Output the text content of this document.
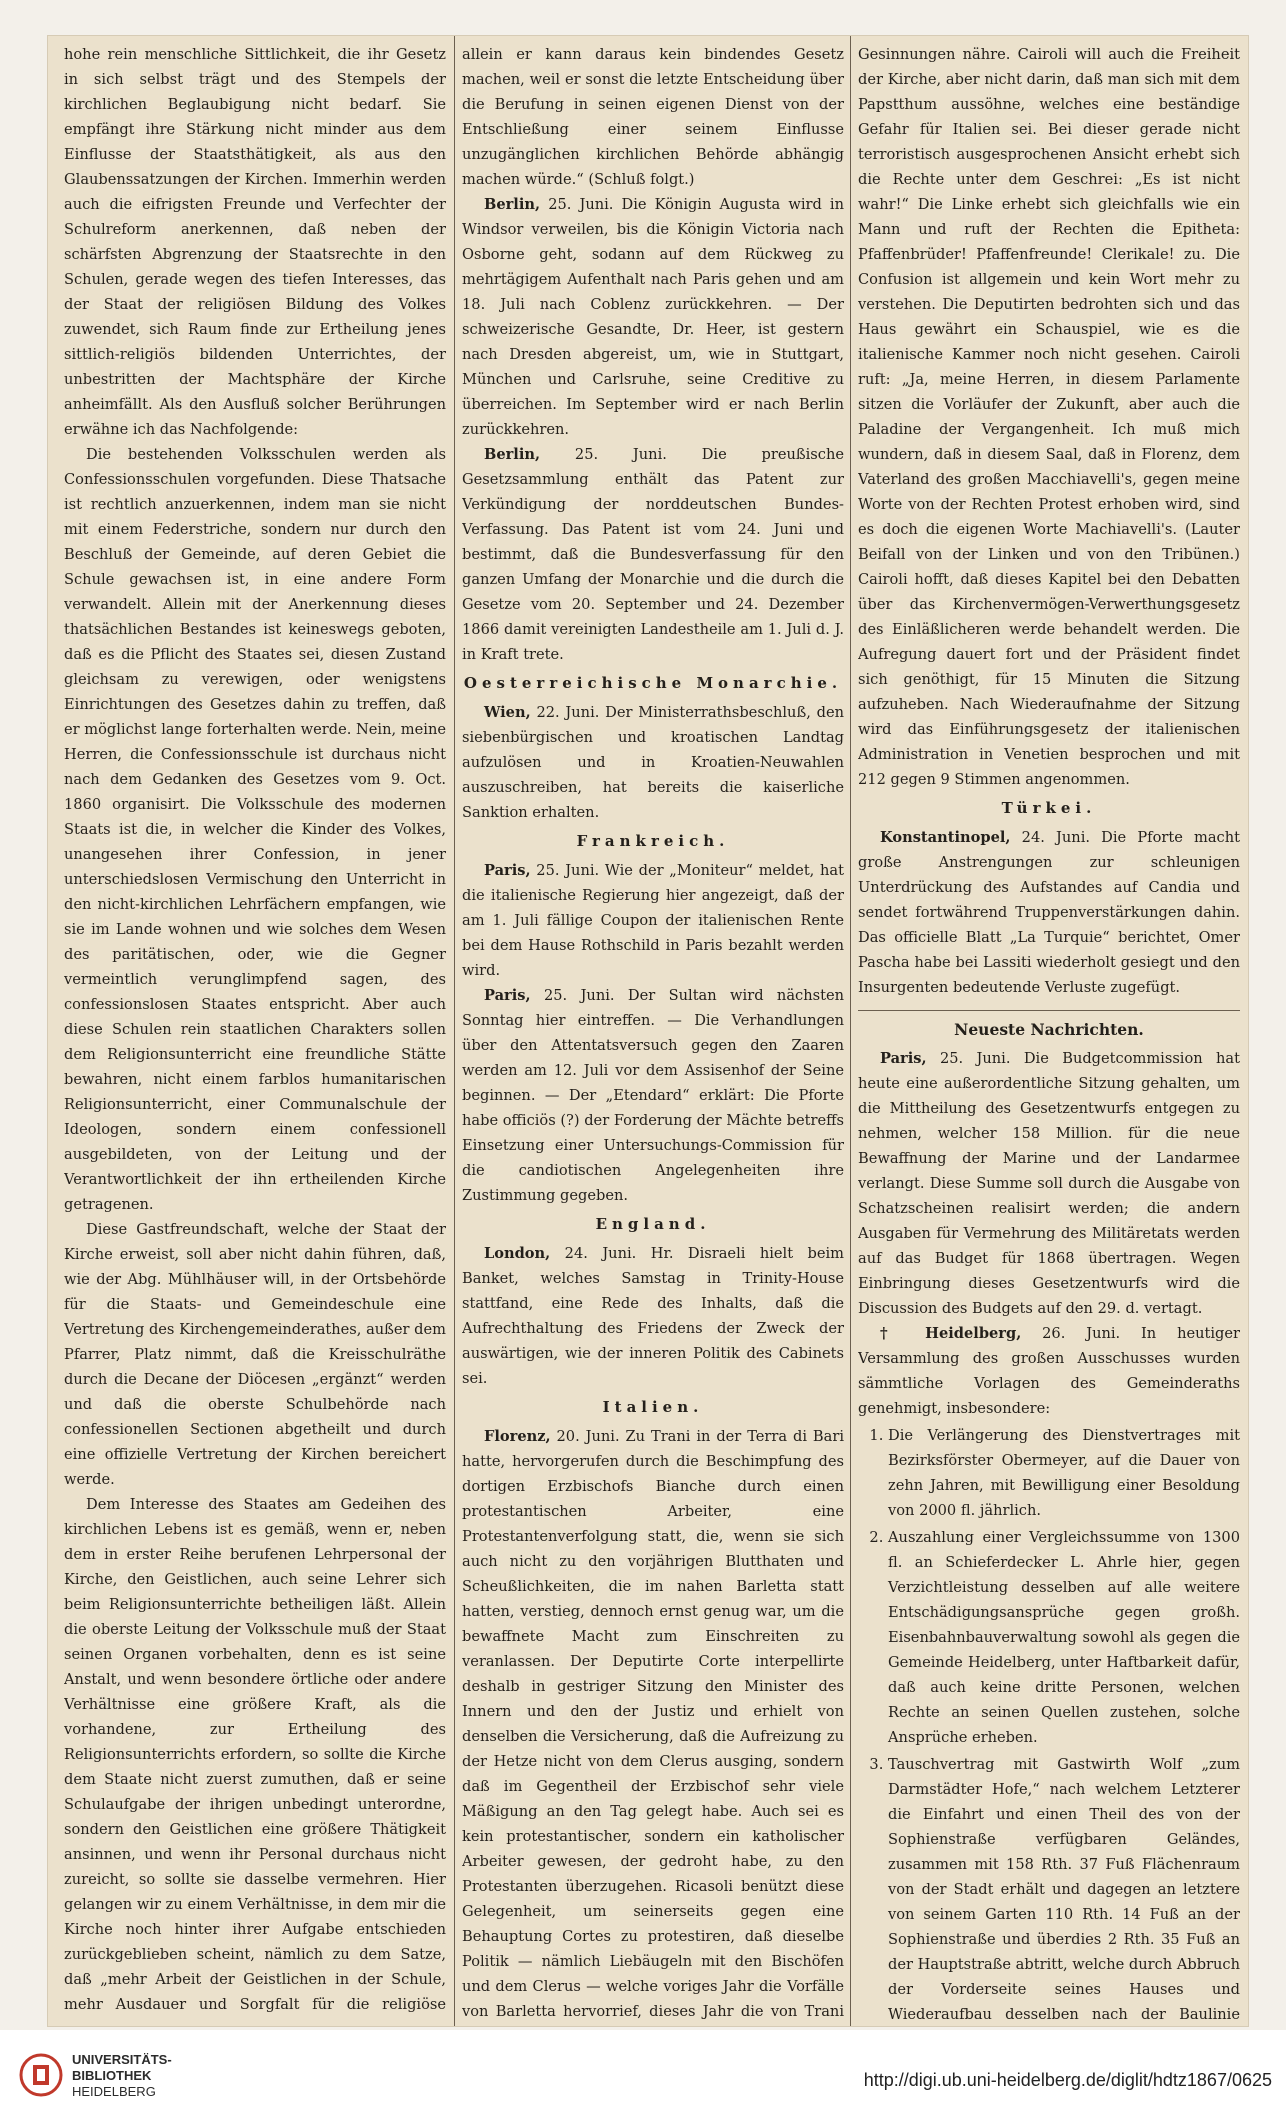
hohe rein menschliche Sittlichkeit, die ihr Gesetz in sich selbst trägt und des Stempels der kirchlichen Beglaubigung nicht bedarf. Sie empfängt ihre Stärkung nicht minder aus dem Einflusse der Staatsthätigkeit, als aus den Glaubenssatzungen der Kirchen. Immerhin werden auch die eifrigsten Freunde und Verfechter der Schulreform anerkennen, daß neben der schärfsten Abgrenzung der Staatsrechte in den Schulen, gerade wegen des tiefen Interesses, das der Staat der religiösen Bildung des Volkes zuwendet, sich Raum finde zur Ertheilung jenes sittlich-religiös bildenden Unterrichtes, der unbestritten der Machtsphäre der Kirche anheimfällt. Als den Ausfluß solcher Berührungen erwähne ich das Nachfolgende:

Die bestehenden Volksschulen werden als Confessionsschulen vorgefunden. Diese Thatsache ist rechtlich anzuerkennen, indem man sie nicht mit einem Federstriche, sondern nur durch den Beschluß der Gemeinde, auf deren Gebiet die Schule gewachsen ist, in eine andere Form verwandelt. Allein mit der Anerkennung dieses thatsächlichen Bestandes ist keineswegs geboten, daß es die Pflicht des Staates sei, diesen Zustand gleichsam zu verewigen, oder wenigstens Einrichtungen des Gesetzes dahin zu treffen, daß er möglichst lange forterhalten werde. Nein, meine Herren, die Confessionsschule ist durchaus nicht nach dem Gedanken des Gesetzes vom 9. Oct. 1860 organisirt. Die Volksschule des modernen Staats ist die, in welcher die Kinder des Volkes, unangesehen ihrer Confession, in jener unterschiedslosen Vermischung den Unterricht in den nicht-kirchlichen Lehrfächern empfangen, wie sie im Lande wohnen und wie solches dem Wesen des paritätischen, oder, wie die Gegner vermeintlich verunglimpfend sagen, des confessionslosen Staates entspricht. Aber auch diese Schulen rein staatlichen Charakters sollen dem Religionsunterricht eine freundliche Stätte bewahren, nicht einem farblos humanitarischen Religionsunterricht, einer Communalschule der Ideologen, sondern einem confessionell ausgebildeten, von der Leitung und der Verantwortlichkeit der ihn ertheilenden Kirche getragenen.

Diese Gastfreundschaft, welche der Staat der Kirche erweist, soll aber nicht dahin führen, daß, wie der Abg. Mühlhäuser will, in der Ortsbehörde für die Staats- und Gemeindeschule eine Vertretung des Kirchengemeinderathes, außer dem Pfarrer, Platz nimmt, daß die Kreisschulräthe durch die Decane der Diöcesen „ergänzt“ werden und daß die oberste Schulbehörde nach confessionellen Sectionen abgetheilt und durch eine offizielle Vertretung der Kirchen bereichert werde.

Dem Interesse des Staates am Gedeihen des kirchlichen Lebens ist es gemäß, wenn er, neben dem in erster Reihe berufenen Lehrpersonal der Kirche, den Geistlichen, auch seine Lehrer sich beim Religionsunterrichte betheiligen läßt. Allein die oberste Leitung der Volksschule muß der Staat seinen Organen vorbehalten, denn es ist seine Anstalt, und wenn besondere örtliche oder andere Verhältnisse eine größere Kraft, als die vorhandene, zur Ertheilung des Religionsunterrichts erfordern, so sollte die Kirche dem Staate nicht zuerst zumuthen, daß er seine Schulaufgabe der ihrigen unbedingt unterordne, sondern den Geistlichen eine größere Thätigkeit ansinnen, und wenn ihr Personal durchaus nicht zureicht, so sollte sie dasselbe vermehren. Hier gelangen wir zu einem Verhältnisse, in dem mir die Kirche noch hinter ihrer Aufgabe entschieden zurückgeblieben scheint, nämlich zu dem Satze, daß „mehr Arbeit der Geistlichen in der Schule, mehr Ausdauer und Sorgfalt für die religiöse

allein er kann daraus kein bindendes Gesetz machen, weil er sonst die letzte Entscheidung über die Berufung in seinen eigenen Dienst von der Entschließung einer seinem Einflusse unzugänglichen kirchlichen Behörde abhängig machen würde.“ (Schluß folgt.)

Berlin, 25. Juni. Die Königin Augusta wird in Windsor verweilen, bis die Königin Victoria nach Osborne geht, sodann auf dem Rückweg zu mehrtägigem Aufenthalt nach Paris gehen und am 18. Juli nach Coblenz zurückkehren. — Der schweizerische Gesandte, Dr. Heer, ist gestern nach Dresden abgereist, um, wie in Stuttgart, München und Carlsruhe, seine Creditive zu überreichen. Im September wird er nach Berlin zurückkehren.

Berlin, 25. Juni. Die preußische Gesetzsammlung enthält das Patent zur Verkündigung der norddeutschen Bundes-Verfassung. Das Patent ist vom 24. Juni und bestimmt, daß die Bundesverfassung für den ganzen Umfang der Monarchie und die durch die Gesetze vom 20. September und 24. Dezember 1866 damit vereinigten Landestheile am 1. Juli d. J. in Kraft trete.

Oesterreichische Monarchie.

Wien, 22. Juni. Der Ministerrathsbeschluß, den siebenbürgischen und kroatischen Landtag aufzulösen und in Kroatien-Neuwahlen auszuschreiben, hat bereits die kaiserliche Sanktion erhalten.

Frankreich.

Paris, 25. Juni. Wie der „Moniteur“ meldet, hat die italienische Regierung hier angezeigt, daß der am 1. Juli fällige Coupon der italienischen Rente bei dem Hause Rothschild in Paris bezahlt werden wird.

Paris, 25. Juni. Der Sultan wird nächsten Sonntag hier eintreffen. — Die Verhandlungen über den Attentatsversuch gegen den Zaaren werden am 12. Juli vor dem Assisenhof der Seine beginnen. — Der „Etendard“ erklärt: Die Pforte habe officiös (?) der Forderung der Mächte betreffs Einsetzung einer Untersuchungs-Commission für die candiotischen Angelegenheiten ihre Zustimmung gegeben.

England.

London, 24. Juni. Hr. Disraeli hielt beim Banket, welches Samstag in Trinity-House stattfand, eine Rede des Inhalts, daß die Aufrechthaltung des Friedens der Zweck der auswärtigen, wie der inneren Politik des Cabinets sei.

Italien.

Florenz, 20. Juni. Zu Trani in der Terra di Bari hatte, hervorgerufen durch die Beschimpfung des dortigen Erzbischofs Bianche durch einen protestantischen Arbeiter, eine Protestantenverfolgung statt, die, wenn sie sich auch nicht zu den vorjährigen Blutthaten und Scheußlichkeiten, die im nahen Barletta statt hatten, verstieg, dennoch ernst genug war, um die bewaffnete Macht zum Einschreiten zu veranlassen. Der Deputirte Corte interpellirte deshalb in gestriger Sitzung den Minister des Innern und den der Justiz und erhielt von denselben die Versicherung, daß die Aufreizung zu der Hetze nicht von dem Clerus ausging, sondern daß im Gegentheil der Erzbischof sehr viele Mäßigung an den Tag gelegt habe. Auch sei es kein protestantischer, sondern ein katholischer Arbeiter gewesen, der gedroht habe, zu den Protestanten überzugehen. Ricasoli benützt diese Gelegenheit, um seinerseits gegen eine Behauptung Cortes zu protestiren, daß dieselbe Politik — nämlich Liebäugeln mit den Bischöfen und dem Clerus — welche voriges Jahr die Vorfälle von Barletta hervorrief, dieses Jahr die von Trani

Gesinnungen nähre. Cairoli will auch die Freiheit der Kirche, aber nicht darin, daß man sich mit dem Papstthum aussöhne, welches eine beständige Gefahr für Italien sei. Bei dieser gerade nicht terroristisch ausgesprochenen Ansicht erhebt sich die Rechte unter dem Geschrei: „Es ist nicht wahr!“ Die Linke erhebt sich gleichfalls wie ein Mann und ruft der Rechten die Epitheta: Pfaffenbrüder! Pfaffenfreunde! Clerikale! zu. Die Confusion ist allgemein und kein Wort mehr zu verstehen. Die Deputirten bedrohten sich und das Haus gewährt ein Schauspiel, wie es die italienische Kammer noch nicht gesehen. Cairoli ruft: „Ja, meine Herren, in diesem Parlamente sitzen die Vorläufer der Zukunft, aber auch die Paladine der Vergangenheit. Ich muß mich wundern, daß in diesem Saal, daß in Florenz, dem Vaterland des großen Macchiavelli's, gegen meine Worte von der Rechten Protest erhoben wird, sind es doch die eigenen Worte Machiavelli's. (Lauter Beifall von der Linken und von den Tribünen.) Cairoli hofft, daß dieses Kapitel bei den Debatten über das Kirchenvermögen-Verwerthungsgesetz des Einläßlicheren werde behandelt werden. Die Aufregung dauert fort und der Präsident findet sich genöthigt, für 15 Minuten die Sitzung aufzuheben. Nach Wiederaufnahme der Sitzung wird das Einführungsgesetz der italienischen Administration in Venetien besprochen und mit 212 gegen 9 Stimmen angenommen.

Türkei.

Konstantinopel, 24. Juni. Die Pforte macht große Anstrengungen zur schleunigen Unterdrückung des Aufstandes auf Candia und sendet fortwährend Truppenverstärkungen dahin. Das officielle Blatt „La Turquie“ berichtet, Omer Pascha habe bei Lassiti wiederholt gesiegt und den Insurgenten bedeutende Verluste zugefügt.

Neueste Nachrichten.

Paris, 25. Juni. Die Budgetcommission hat heute eine außerordentliche Sitzung gehalten, um die Mittheilung des Gesetzentwurfs entgegen zu nehmen, welcher 158 Million. für die neue Bewaffnung der Marine und der Landarmee verlangt. Diese Summe soll durch die Ausgabe von Schatzscheinen realisirt werden; die andern Ausgaben für Vermehrung des Militäretats werden auf das Budget für 1868 übertragen. Wegen Einbringung dieses Gesetzentwurfs wird die Discussion des Budgets auf den 29. d. vertagt.

† Heidelberg, 26. Juni. In heutiger Versammlung des großen Ausschusses wurden sämmtliche Vorlagen des Gemeinderaths genehmigt, insbesondere:

1. Die Verlängerung des Dienstvertrages mit Bezirksförster Obermeyer, auf die Dauer von zehn Jahren, mit Bewilligung einer Besoldung von 2000 fl. jährlich.
2. Auszahlung einer Vergleichssumme von 1300 fl. an Schieferdecker L. Ahrle hier, gegen Verzichtleistung desselben auf alle weitere Entschädigungsansprüche gegen großh. Eisenbahnbauverwaltung sowohl als gegen die Gemeinde Heidelberg, unter Haftbarkeit dafür, daß auch keine dritte Personen, welchen Rechte an seinen Quellen zustehen, solche Ansprüche erheben.
3. Tauschvertrag mit Gastwirth Wolf „zum Darmstädter Hofe,“ nach welchem Letzterer die Einfahrt und einen Theil des von der Sophienstraße verfügbaren Geländes, zusammen mit 158 Rth. 37 Fuß Flächenraum von der Stadt erhält und dagegen an letztere von seinem Garten 110 Rth. 14 Fuß an der Sophienstraße und überdies 2 Rth. 35 Fuß an der Hauptstraße abtritt, welche durch Abbruch der Vorderseite seines Hauses und Wiederaufbau desselben nach der Baulinie
UNIVERSITÄTS-
BIBLIOTHEK
HEIDELBERG
http://digi.ub.uni-heidelberg.de/diglit/hdtz1867/0625
